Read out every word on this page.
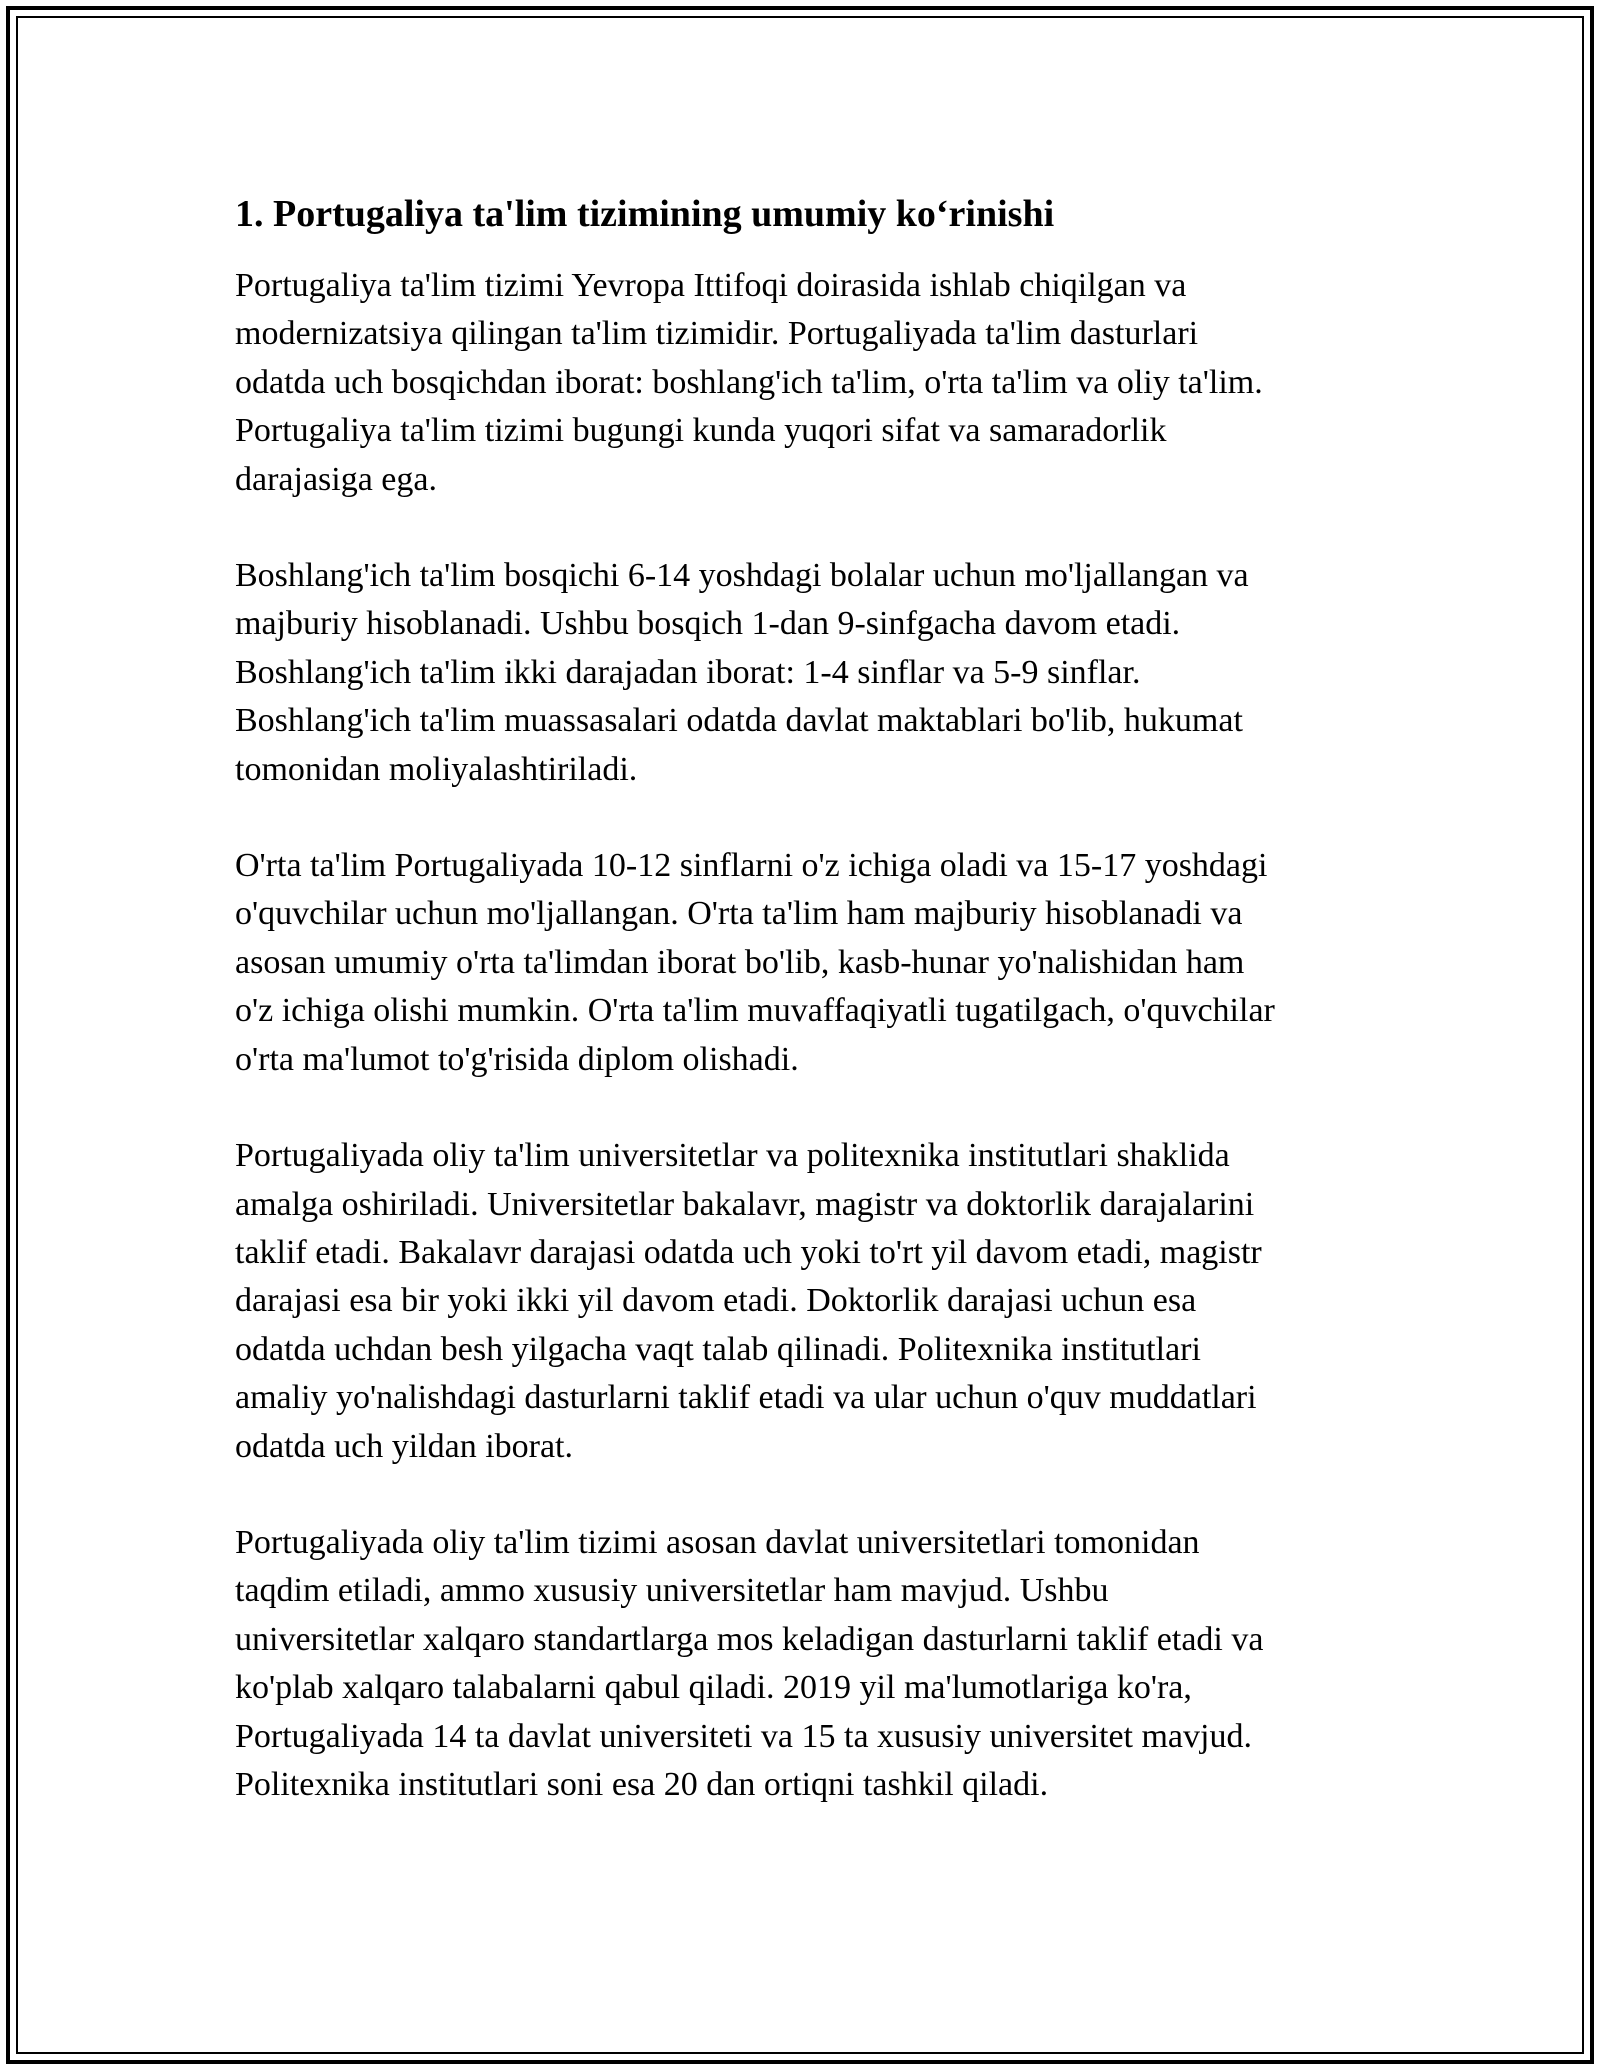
1. Portugaliya ta'lim tizimining umumiy ko‘rinishi

Portugaliya ta'lim tizimi Yevropa Ittifoqi doirasida ishlab chiqilgan va
modernizatsiya qilingan ta'lim tizimidir. Portugaliyada ta'lim dasturlari
odatda uch bosqichdan iborat: boshlang'ich ta'lim, o'rta ta'lim va oliy ta'lim.
Portugaliya ta'lim tizimi bugungi kunda yuqori sifat va samaradorlik
darajasiga ega.

Boshlang'ich ta'lim bosqichi 6-14 yoshdagi bolalar uchun mo'ljallangan va
majburiy hisoblanadi. Ushbu bosqich 1-dan 9-sinfgacha davom etadi.
Boshlang'ich ta'lim ikki darajadan iborat: 1-4 sinflar va 5-9 sinflar.
Boshlang'ich ta'lim muassasalari odatda davlat maktablari bo'lib, hukumat
tomonidan moliyalashtiriladi.

O'rta ta'lim Portugaliyada 10-12 sinflarni o'z ichiga oladi va 15-17 yoshdagi
o'quvchilar uchun mo'ljallangan. O'rta ta'lim ham majburiy hisoblanadi va
asosan umumiy o'rta ta'limdan iborat bo'lib, kasb-hunar yo'nalishidan ham
o'z ichiga olishi mumkin. O'rta ta'lim muvaffaqiyatli tugatilgach, o'quvchilar
o'rta ma'lumot to'g'risida diplom olishadi.

Portugaliyada oliy ta'lim universitetlar va politexnika institutlari shaklida
amalga oshiriladi. Universitetlar bakalavr, magistr va doktorlik darajalarini
taklif etadi. Bakalavr darajasi odatda uch yoki to'rt yil davom etadi, magistr
darajasi esa bir yoki ikki yil davom etadi. Doktorlik darajasi uchun esa
odatda uchdan besh yilgacha vaqt talab qilinadi. Politexnika institutlari
amaliy yo'nalishdagi dasturlarni taklif etadi va ular uchun o'quv muddatlari
odatda uch yildan iborat.

Portugaliyada oliy ta'lim tizimi asosan davlat universitetlari tomonidan
taqdim etiladi, ammo xususiy universitetlar ham mavjud. Ushbu
universitetlar xalqaro standartlarga mos keladigan dasturlarni taklif etadi va
ko'plab xalqaro talabalarni qabul qiladi. 2019 yil ma'lumotlariga ko'ra,
Portugaliyada 14 ta davlat universiteti va 15 ta xususiy universitet mavjud.
Politexnika institutlari soni esa 20 dan ortiqni tashkil qiladi.
